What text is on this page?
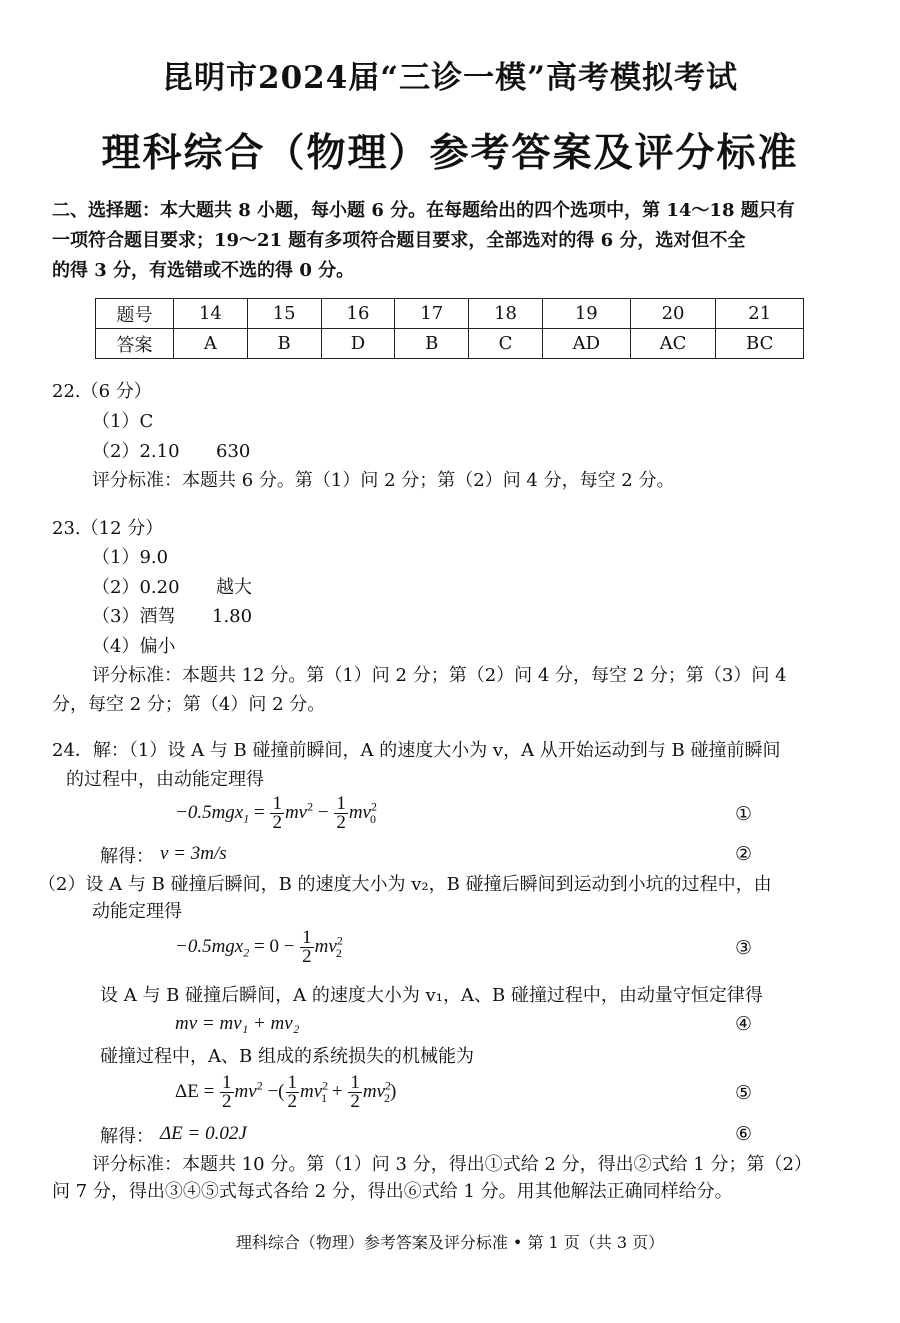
昆明市2024届“三诊一模”高考模拟考试
理科综合（物理）参考答案及评分标准
二、选择题：本大题共 8 小题，每小题 6 分。在每题给出的四个选项中，第 14～18 题只有
一项符合题目要求；19～21 题有多项符合题目要求，全部选对的得 6 分，选对但不全
的得 3 分，有选错或不选的得 0 分。
题号	14	15	16	17	18	19	20	21
答案	A	B	D	B	C	AD	AC	BC
22.（6 分）
（1）C
（2）2.10 630
评分标准：本题共 6 分。第（1）问 2 分；第（2）问 4 分，每空 2 分。
23.（12 分）
（1）9.0
（2）0.20 越大
（3）酒驾 1.80
（4）偏小
评分标准：本题共 12 分。第（1）问 2 分；第（2）问 4 分，每空 2 分；第（3）问 4
分，每空 2 分；第（4）问 2 分。
24．解：（1）设 A 与 B 碰撞前瞬间，A 的速度大小为 v，A 从开始运动到与 B 碰撞前瞬间
的过程中，由动能定理得
$-0.5mgx_1 = \frac{1}{2} mv^2 - \frac{1}{2} mv^2_0$	①
解得： v = 3m/s	②
（2）设 A 与 B 碰撞后瞬间，B 的速度大小为 v₂，B 碰撞后瞬间到运动到小坑的过程中，由
动能定理得
$-0.5mgx_2 = 0 - \frac{1}{2} mv^2_2$	③
设 A 与 B 碰撞后瞬间，A 的速度大小为 v₁，A、B 碰撞过程中，由动量守恒定律得
mv = mv₁ + mv₂	④
碰撞过程中，A、B 组成的系统损失的机械能为
$\Delta E = \frac{1}{2} mv^2$ −( $\frac{1}{2} mv^2_1 + \frac{1}{2} mv^2_2$)	⑤
解得： ΔE = 0.02J	⑥
评分标准：本题共 10 分。第（1）问 3 分，得出①式给 2 分，得出②式给 1 分；第（2）
问 7 分，得出③④⑤式每式各给 2 分，得出⑥式给 1 分。用其他解法正确同样给分。
理科综合（物理）参考答案及评分标准 • 第 1 页（共 3 页）
